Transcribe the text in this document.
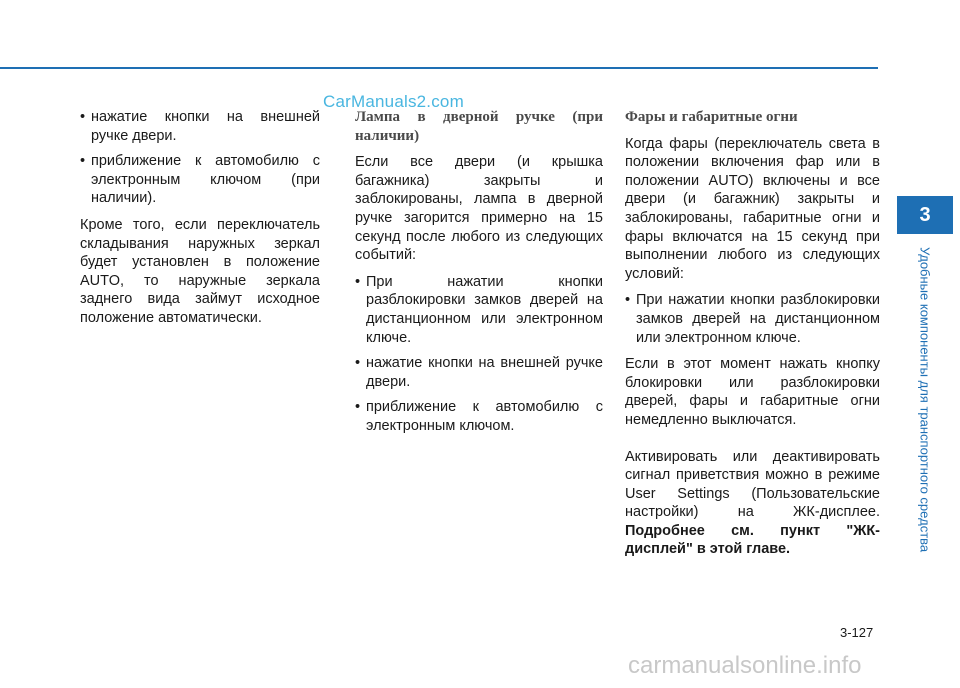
CarManuals2.com
• нажатие кнопки на внешней ручке двери.
• приближение к автомобилю с электронным ключом (при наличии).

Кроме того, если переключатель складывания наружных зеркал будет установлен в положение AUTO, то наружные зеркала заднего вида займут исходное положение автоматически.

Лампа в дверной ручке (при наличии)

Если все двери (и крышка багажника) закрыты и заблокированы, лампа в дверной ручке загорится примерно на 15 секунд после любого из следующих событий:

• При нажатии кнопки разблокировки замков дверей на дистанционном или электронном ключе.
• нажатие кнопки на внешней ручке двери.
• приближение к автомобилю с электронным ключом.
Фары и габаритные огни

Когда фары (переключатель света в положении включения фар или в положении AUTO) включены и все двери (и багажник) закрыты и заблокированы, габаритные огни и фары включатся на 15 секунд при выполнении любого из следующих условий:

• При нажатии кнопки разблокировки замков дверей на дистанционном или электронном ключе.

Если в этот момент нажать кнопку блокировки или разблокировки дверей, фары и габаритные огни немедленно выключатся.

Активировать или деактивировать сигнал приветствия можно в режиме User Settings (Пользовательские настройки) на ЖК-дисплее. Подробнее см. пункт "ЖК-дисплей" в этой главе.

3
Удобные компоненты для транспортного средства
3-127
carmanualsonline.info
